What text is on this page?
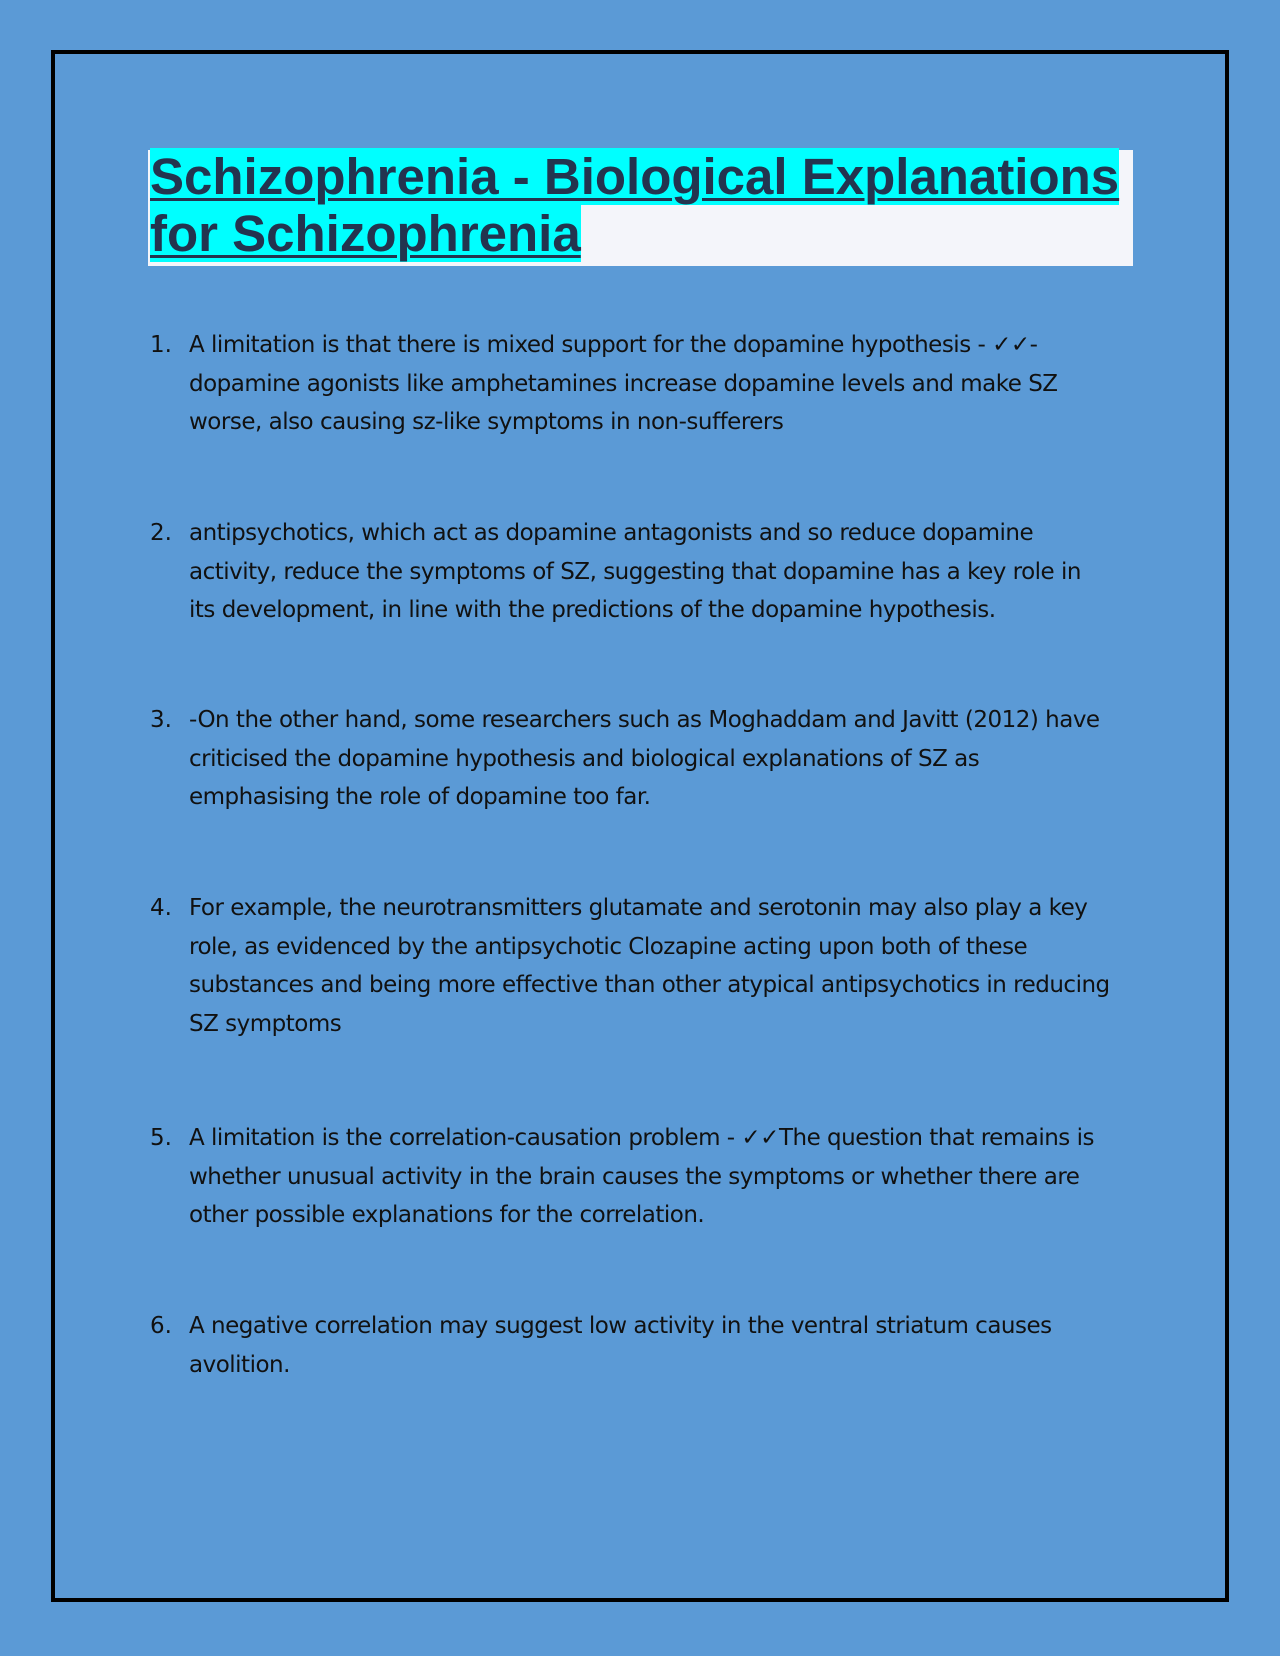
Schizophrenia - Biological Explanations for Schizophrenia
1. A limitation is that there is mixed support for the dopamine hypothesis - ✓✓- dopamine agonists like amphetamines increase dopamine levels and make SZ worse, also causing sz-like symptoms in non-sufferers
2. antipsychotics, which act as dopamine antagonists and so reduce dopamine activity, reduce the symptoms of SZ, suggesting that dopamine has a key role in its development, in line with the predictions of the dopamine hypothesis.
3. -On the other hand, some researchers such as Moghaddam and Javitt (2012) have criticised the dopamine hypothesis and biological explanations of SZ as emphasising the role of dopamine too far.
4. For example, the neurotransmitters glutamate and serotonin may also play a key role, as evidenced by the antipsychotic Clozapine acting upon both of these substances and being more effective than other atypical antipsychotics in reducing SZ symptoms
5. A limitation is the correlation-causation problem - ✓✓The question that remains is whether unusual activity in the brain causes the symptoms or whether there are other possible explanations for the correlation.
6. A negative correlation may suggest low activity in the ventral striatum causes avolition.
